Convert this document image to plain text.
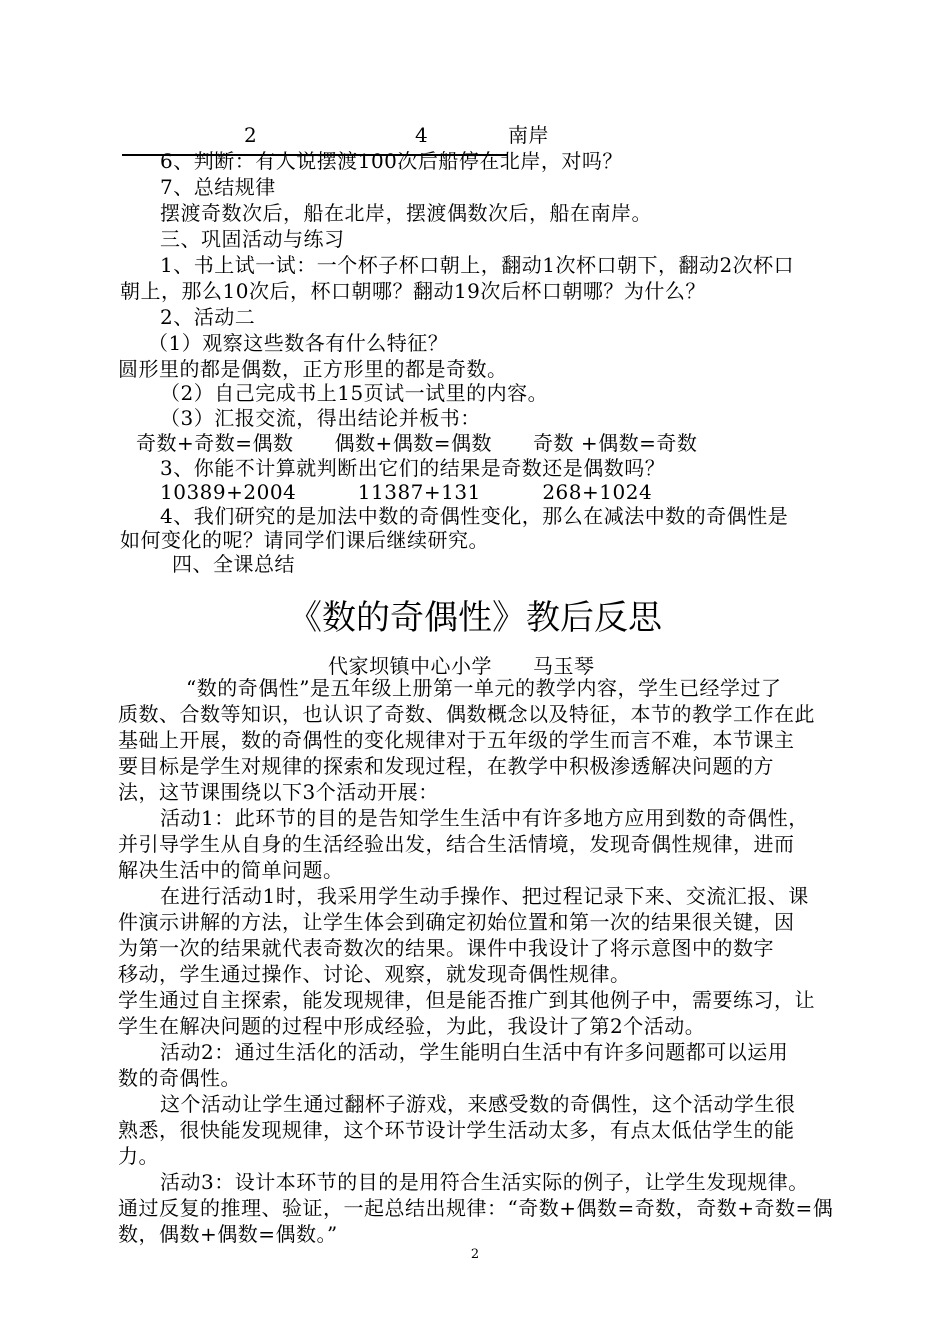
2	4	南岸
6、判断：有人说摆渡100次后船停在北岸，对吗？
7、总结规律
摆渡奇数次后，船在北岸，摆渡偶数次后，船在南岸。
三、巩固活动与练习
1、书上试一试：一个杯子杯口朝上，翻动1次杯口朝下，翻动2次杯口
朝上，那么10次后，杯口朝哪？翻动19次后杯口朝哪？为什么？
2、活动二
（1）观察这些数各有什么特征？
圆形里的都是偶数，正方形里的都是奇数。
（2）自己完成书上15页试一试里的内容。
（3）汇报交流，得出结论并板书：
奇数+奇数=偶数　　偶数+偶数=偶数　　奇数 +偶数=奇数
3、你能不计算就判断出它们的结果是奇数还是偶数吗？
10389+2004　　　11387+131　　　268+1024
4、我们研究的是加法中数的奇偶性变化，那么在减法中数的奇偶性是
如何变化的呢？请同学们课后继续研究。
四、全课总结
《数的奇偶性》教后反思
代家坝镇中心小学　　马玉琴
“数的奇偶性”是五年级上册第一单元的教学内容，学生已经学过了
质数、合数等知识，也认识了奇数、偶数概念以及特征，本节的教学工作在此
基础上开展，数的奇偶性的变化规律对于五年级的学生而言不难，本节课主
要目标是学生对规律的探索和发现过程，在教学中积极渗透解决问题的方
法，这节课围绕以下3个活动开展：
活动1：此环节的目的是告知学生生活中有许多地方应用到数的奇偶性，
并引导学生从自身的生活经验出发，结合生活情境，发现奇偶性规律，进而
解决生活中的简单问题。
在进行活动1时，我采用学生动手操作、把过程记录下来、交流汇报、课
件演示讲解的方法，让学生体会到确定初始位置和第一次的结果很关键，因
为第一次的结果就代表奇数次的结果。课件中我设计了将示意图中的数字
移动，学生通过操作、讨论、观察，就发现奇偶性规律。
学生通过自主探索，能发现规律，但是能否推广到其他例子中，需要练习，让
学生在解决问题的过程中形成经验，为此，我设计了第2个活动。
活动2：通过生活化的活动，学生能明白生活中有许多问题都可以运用
数的奇偶性。
这个活动让学生通过翻杯子游戏，来感受数的奇偶性，这个活动学生很
熟悉，很快能发现规律，这个环节设计学生活动太多，有点太低估学生的能
力。
活动3：设计本环节的目的是用符合生活实际的例子，让学生发现规律。
通过反复的推理、验证，一起总结出规律：“奇数+偶数=奇数，奇数+奇数=偶
数，偶数+偶数=偶数。”
2
